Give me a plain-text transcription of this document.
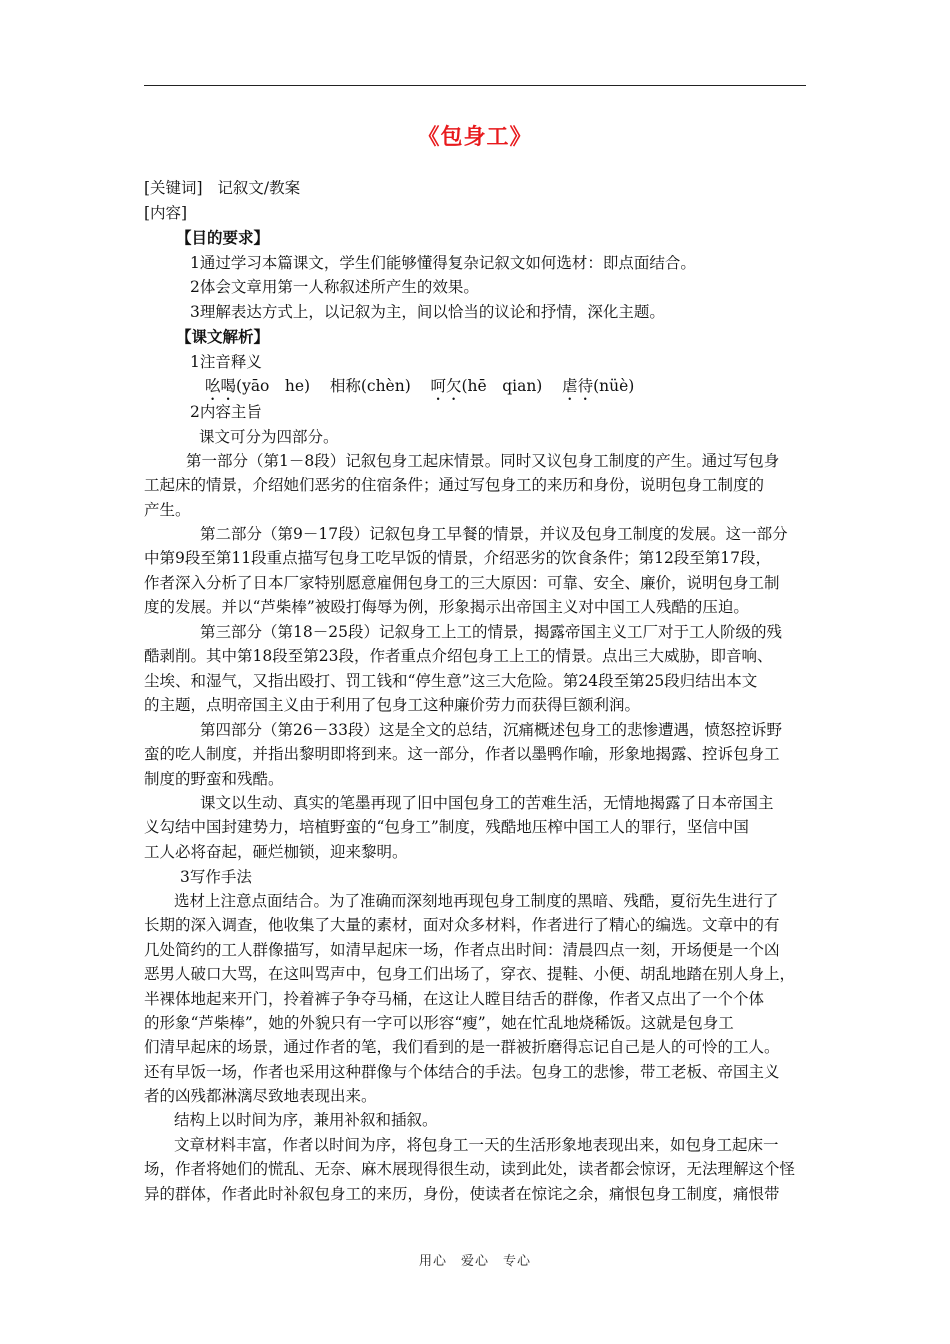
《包身工》
[关键词] 记叙文/教案
[内容]
【目的要求】
1通过学习本篇课文，学生们能够懂得复杂记叙文如何选材：即点面结合。
2体会文章用第一人称叙述所产生的效果。
3理解表达方式上，以记叙为主，间以恰当的议论和抒情，深化主题。
【课文解析】
1注音释义
吆喝(yāo　he) 相称(chèn) 呵欠(hē　qian) 虐待(nüè)
2内容主旨
课文可分为四部分。
第一部分（第1－8段）记叙包身工起床情景。同时又议包身工制度的产生。通过写包身
工起床的情景，介绍她们恶劣的住宿条件；通过写包身工的来历和身份，说明包身工制度的
产生。
第二部分（第9－17段）记叙包身工早餐的情景，并议及包身工制度的发展。这一部分
中第9段至第11段重点描写包身工吃早饭的情景，介绍恶劣的饮食条件；第12段至第17段，
作者深入分析了日本厂家特别愿意雇佣包身工的三大原因：可靠、安全、廉价，说明包身工制
度的发展。并以“芦柴棒”被殴打侮辱为例，形象揭示出帝国主义对中国工人残酷的压迫。
第三部分（第18－25段）记叙身工上工的情景，揭露帝国主义工厂对于工人阶级的残
酷剥削。其中第18段至第23段，作者重点介绍包身工上工的情景。点出三大威胁，即音响、
尘埃、和湿气，又指出殴打、罚工钱和“停生意”这三大危险。第24段至第25段归结出本文
的主题，点明帝国主义由于利用了包身工这种廉价劳力而获得巨额利润。
第四部分（第26－33段）这是全文的总结，沉痛概述包身工的悲惨遭遇，愤怒控诉野
蛮的吃人制度，并指出黎明即将到来。这一部分，作者以墨鸭作喻，形象地揭露、控诉包身工
制度的野蛮和残酷。
课文以生动、真实的笔墨再现了旧中国包身工的苦难生活，无情地揭露了日本帝国主
义勾结中国封建势力，培植野蛮的“包身工”制度，残酷地压榨中国工人的罪行，坚信中国
工人必将奋起，砸烂枷锁，迎来黎明。
3写作手法
选材上注意点面结合。为了准确而深刻地再现包身工制度的黑暗、残酷，夏衍先生进行了
长期的深入调查，他收集了大量的素材，面对众多材料，作者进行了精心的编选。文章中的有
几处简约的工人群像描写，如清早起床一场，作者点出时间：清晨四点一刻，开场便是一个凶
恶男人破口大骂，在这叫骂声中，包身工们出场了，穿衣、提鞋、小便、胡乱地踏在别人身上，
半裸体地起来开门，拎着裤子争夺马桶，在这让人瞠目结舌的群像，作者又点出了一个个体
的形象“芦柴棒”，她的外貌只有一字可以形容“瘦”，她在忙乱地烧稀饭。这就是包身工
们清早起床的场景，通过作者的笔，我们看到的是一群被折磨得忘记自己是人的可怜的工人。
还有早饭一场，作者也采用这种群像与个体结合的手法。包身工的悲惨，带工老板、帝国主义
者的凶残都淋漓尽致地表现出来。
结构上以时间为序，兼用补叙和插叙。
文章材料丰富，作者以时间为序，将包身工一天的生活形象地表现出来，如包身工起床一
场，作者将她们的慌乱、无奈、麻木展现得很生动，读到此处，读者都会惊讶，无法理解这个怪
异的群体，作者此时补叙包身工的来历，身份，使读者在惊诧之余，痛恨包身工制度，痛恨带
用心　爱心　专心
